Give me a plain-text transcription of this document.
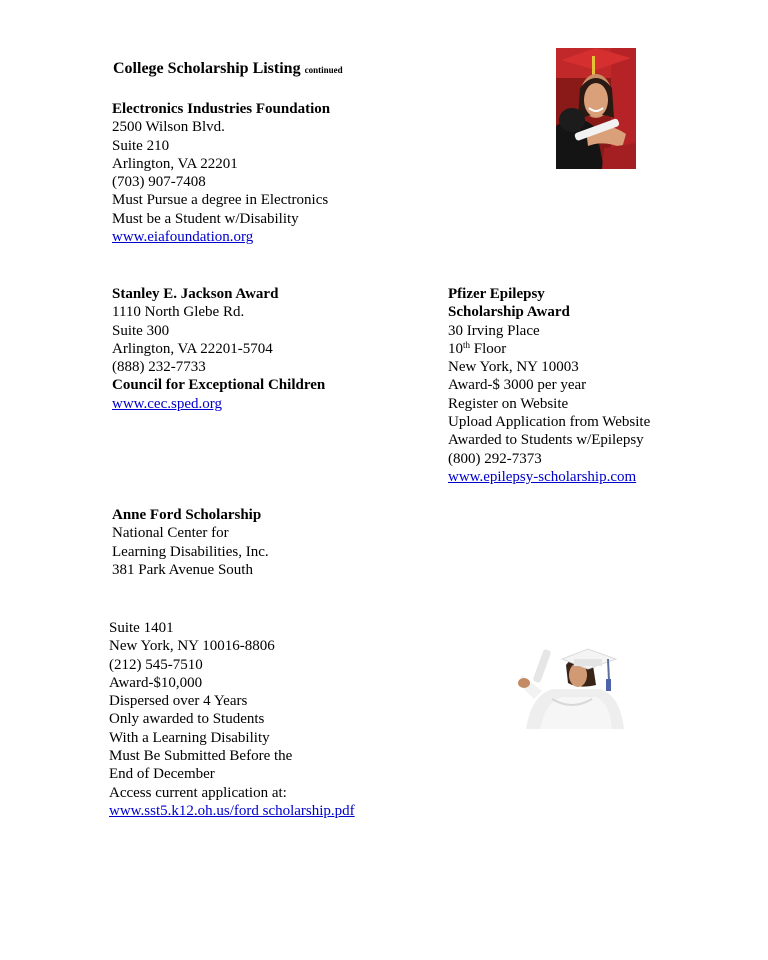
College Scholarship Listing continued
Electronics Industries Foundation
2500 Wilson Blvd.
Suite 210
Arlington, VA 22201
(703) 907-7408
Must Pursue a degree in Electronics
Must be a Student w/Disability
www.eiafoundation.org
Stanley E. Jackson Award
1110 North Glebe Rd.
Suite 300
Arlington, VA 22201-5704
(888) 232-7733
Council for Exceptional Children
www.cec.sped.org
Pfizer Epilepsy
Scholarship Award
30 Irving Place
10th Floor
New York, NY 10003
Award-$ 3000 per year
Register on Website
Upload Application from Website
Awarded to Students w/Epilepsy
(800) 292-7373
www.epilepsy-scholarship.com
Anne Ford Scholarship
National Center for
Learning Disabilities, Inc.
381 Park Avenue South
Suite 1401
New York, NY 10016-8806
(212) 545-7510
Award-$10,000
Dispersed over 4 Years
Only awarded to Students
With a Learning Disability
Must Be Submitted Before the
End of December
Access current application at:
www.sst5.k12.oh.us/ford scholarship.pdf
